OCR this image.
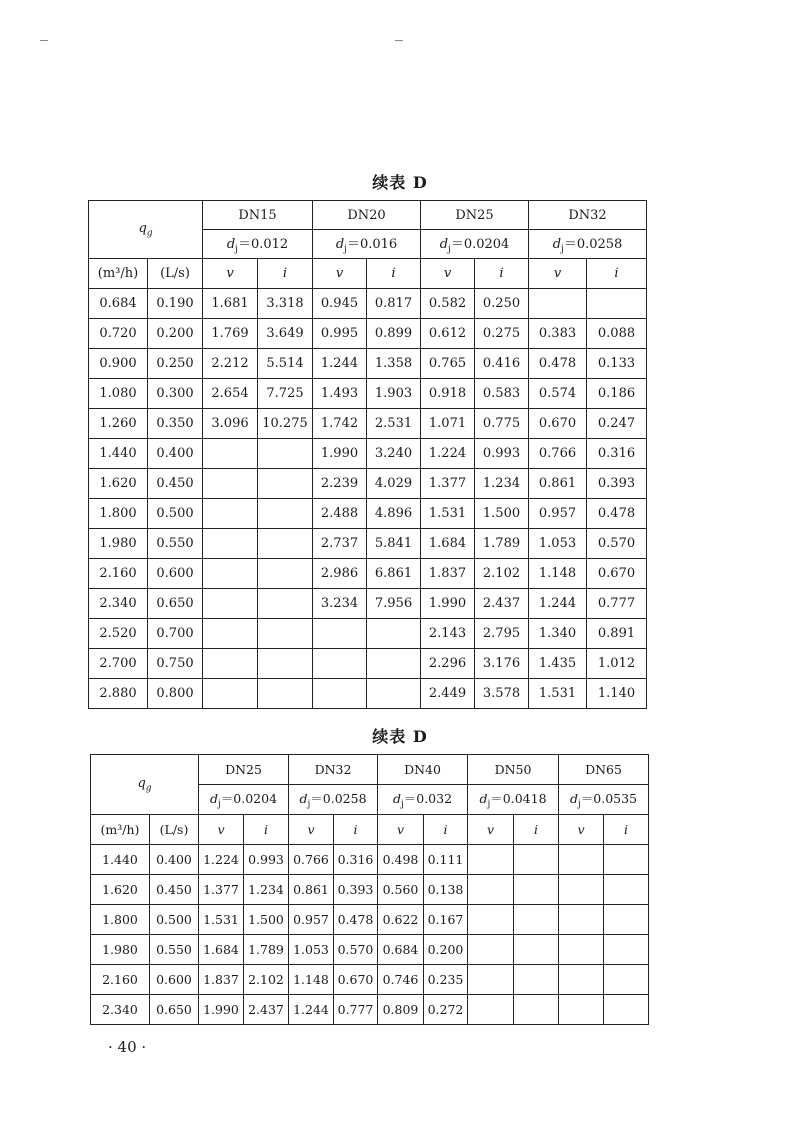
续表 D
$q_g$		DN15		DN20		DN25		DN32	
		$d_j=0.012$		$d_j=0.016$		$d_j=0.0204$		$d_j=0.0258$	
(m³/h)	(L/s)	v	i	v	i	v	i	v	i
0.684	0.190	1.681	3.318	0.945	0.817	0.582	0.250		
0.720	0.200	1.769	3.649	0.995	0.899	0.612	0.275	0.383	0.088
0.900	0.250	2.212	5.514	1.244	1.358	0.765	0.416	0.478	0.133
1.080	0.300	2.654	7.725	1.493	1.903	0.918	0.583	0.574	0.186
1.260	0.350	3.096	10.275	1.742	2.531	1.071	0.775	0.670	0.247
1.440	0.400			1.990	3.240	1.224	0.993	0.766	0.316
1.620	0.450			2.239	4.029	1.377	1.234	0.861	0.393
1.800	0.500			2.488	4.896	1.531	1.500	0.957	0.478
1.980	0.550			2.737	5.841	1.684	1.789	1.053	0.570
2.160	0.600			2.986	6.861	1.837	2.102	1.148	0.670
2.340	0.650			3.234	7.956	1.990	2.437	1.244	0.777
2.520	0.700					2.143	2.795	1.340	0.891
2.700	0.750					2.296	3.176	1.435	1.012
2.880	0.800					2.449	3.578	1.531	1.140
续表 D
$q_g$		DN25		DN32		DN40		DN50		DN65	
		$d_j=0.0204$		$d_j=0.0258$		$d_j=0.032$		$d_j=0.0418$		$d_j=0.0535$	
(m³/h)	(L/s)	v	i	v	i	v	i	v	i	v	i
1.440	0.400	1.224	0.993	0.766	0.316	0.498	0.111				
1.620	0.450	1.377	1.234	0.861	0.393	0.560	0.138				
1.800	0.500	1.531	1.500	0.957	0.478	0.622	0.167				
1.980	0.550	1.684	1.789	1.053	0.570	0.684	0.200				
2.160	0.600	1.837	2.102	1.148	0.670	0.746	0.235				
2.340	0.650	1.990	2.437	1.244	0.777	0.809	0.272				
· 40 ·
